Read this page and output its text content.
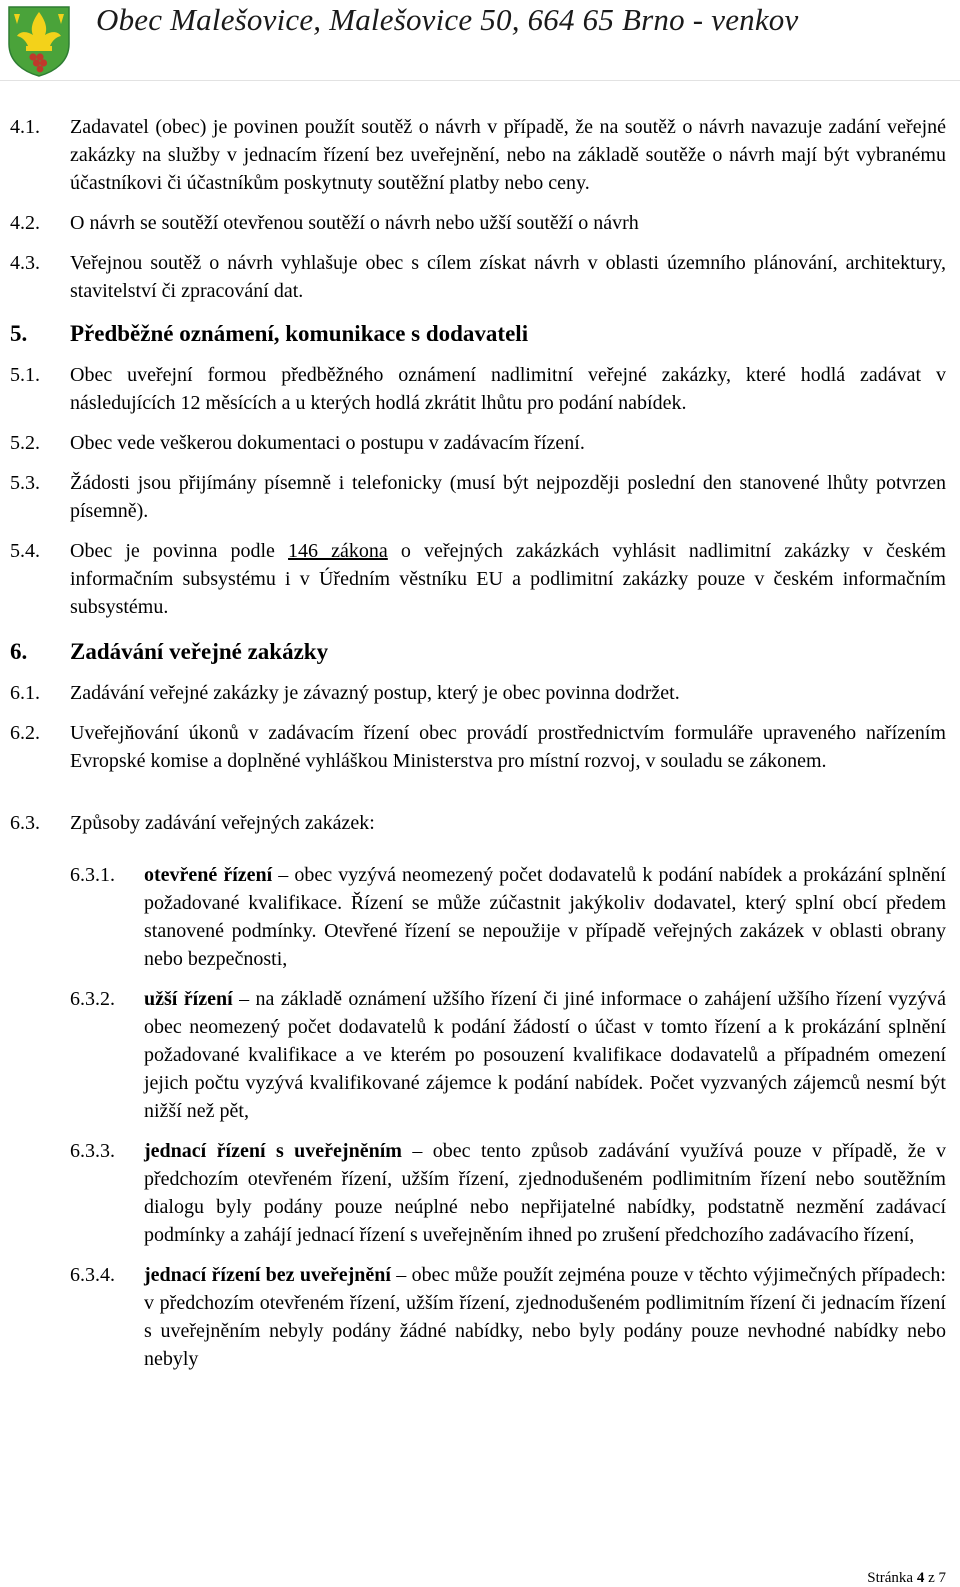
Obec Malešovice, Malešovice 50, 664 65 Brno - venkov
4.1.	Zadavatel (obec) je povinen použít soutěž o návrh v případě, že na soutěž o návrh navazuje zadání veřejné zakázky na služby v jednacím řízení bez uveřejnění, nebo na základě soutěže o návrh mají být vybranému účastníkovi či účastníkům poskytnuty soutěžní platby nebo ceny.
4.2.	O návrh se soutěží otevřenou soutěží o návrh nebo užší soutěží o návrh
4.3.	Veřejnou soutěž o návrh vyhlašuje obec s cílem získat návrh v oblasti územního plánování, architektury, stavitelství či zpracování dat.
5.	Předběžné oznámení, komunikace s dodavateli
5.1.	Obec uveřejní formou předběžného oznámení nadlimitní veřejné zakázky, které hodlá zadávat v následujících 12 měsících a u kterých hodlá zkrátit lhůtu pro podání nabídek.
5.2.	Obec vede veškerou dokumentaci o postupu v zadávacím řízení.
5.3.	Žádosti jsou přijímány písemně i telefonicky (musí být nejpozději poslední den stanovené lhůty potvrzen písemně).
5.4.	Obec je povinna podle 146 zákona o veřejných zakázkách vyhlásit nadlimitní zakázky v českém informačním subsystému i v Úředním věstníku EU a podlimitní zakázky pouze v českém informačním subsystému.
6.	Zadávání veřejné zakázky
6.1.	Zadávání veřejné zakázky je závazný postup, který je obec povinna dodržet.
6.2.	Uveřejňování úkonů v zadávacím řízení obec provádí prostřednictvím formuláře upraveného nařízením Evropské komise a doplněné vyhláškou Ministerstva pro místní rozvoj, v souladu se zákonem.
6.3.	Způsoby zadávání veřejných zakázek:
6.3.1.	otevřené řízení – obec vyzývá neomezený počet dodavatelů k podání nabídek a prokázání splnění požadované kvalifikace. Řízení se může zúčastnit jakýkoliv dodavatel, který splní obcí předem stanovené podmínky. Otevřené řízení se nepoužije v případě veřejných zakázek v oblasti obrany nebo bezpečnosti,
6.3.2.	užší řízení – na základě oznámení užšího řízení či jiné informace o zahájení užšího řízení vyzývá obec neomezený počet dodavatelů k podání žádostí o účast v tomto řízení a k prokázání splnění požadované kvalifikace a ve kterém po posouzení kvalifikace dodavatelů a případném omezení jejich počtu vyzývá kvalifikované zájemce k podání nabídek. Počet vyzvaných zájemců nesmí být nižší než pět,
6.3.3.	jednací řízení s uveřejněním – obec tento způsob zadávání využívá pouze v případě, že v předchozím otevřeném řízení, užším řízení, zjednodušeném podlimitním řízení nebo soutěžním dialogu byly podány pouze neúplné nebo nepřijatelné nabídky, podstatně nezmění zadávací podmínky a zahájí jednací řízení s uveřejněním ihned po zrušení předchozího zadávacího řízení,
6.3.4.	jednací řízení bez uveřejnění – obec může použít zejména pouze v těchto výjimečných případech: v předchozím otevřeném řízení, užším řízení, zjednodušeném podlimitním řízení či jednacím řízení s uveřejněním nebyly podány žádné nabídky, nebo byly podány pouze nevhodné nabídky nebo nebyly
Stránka 4 z 7
